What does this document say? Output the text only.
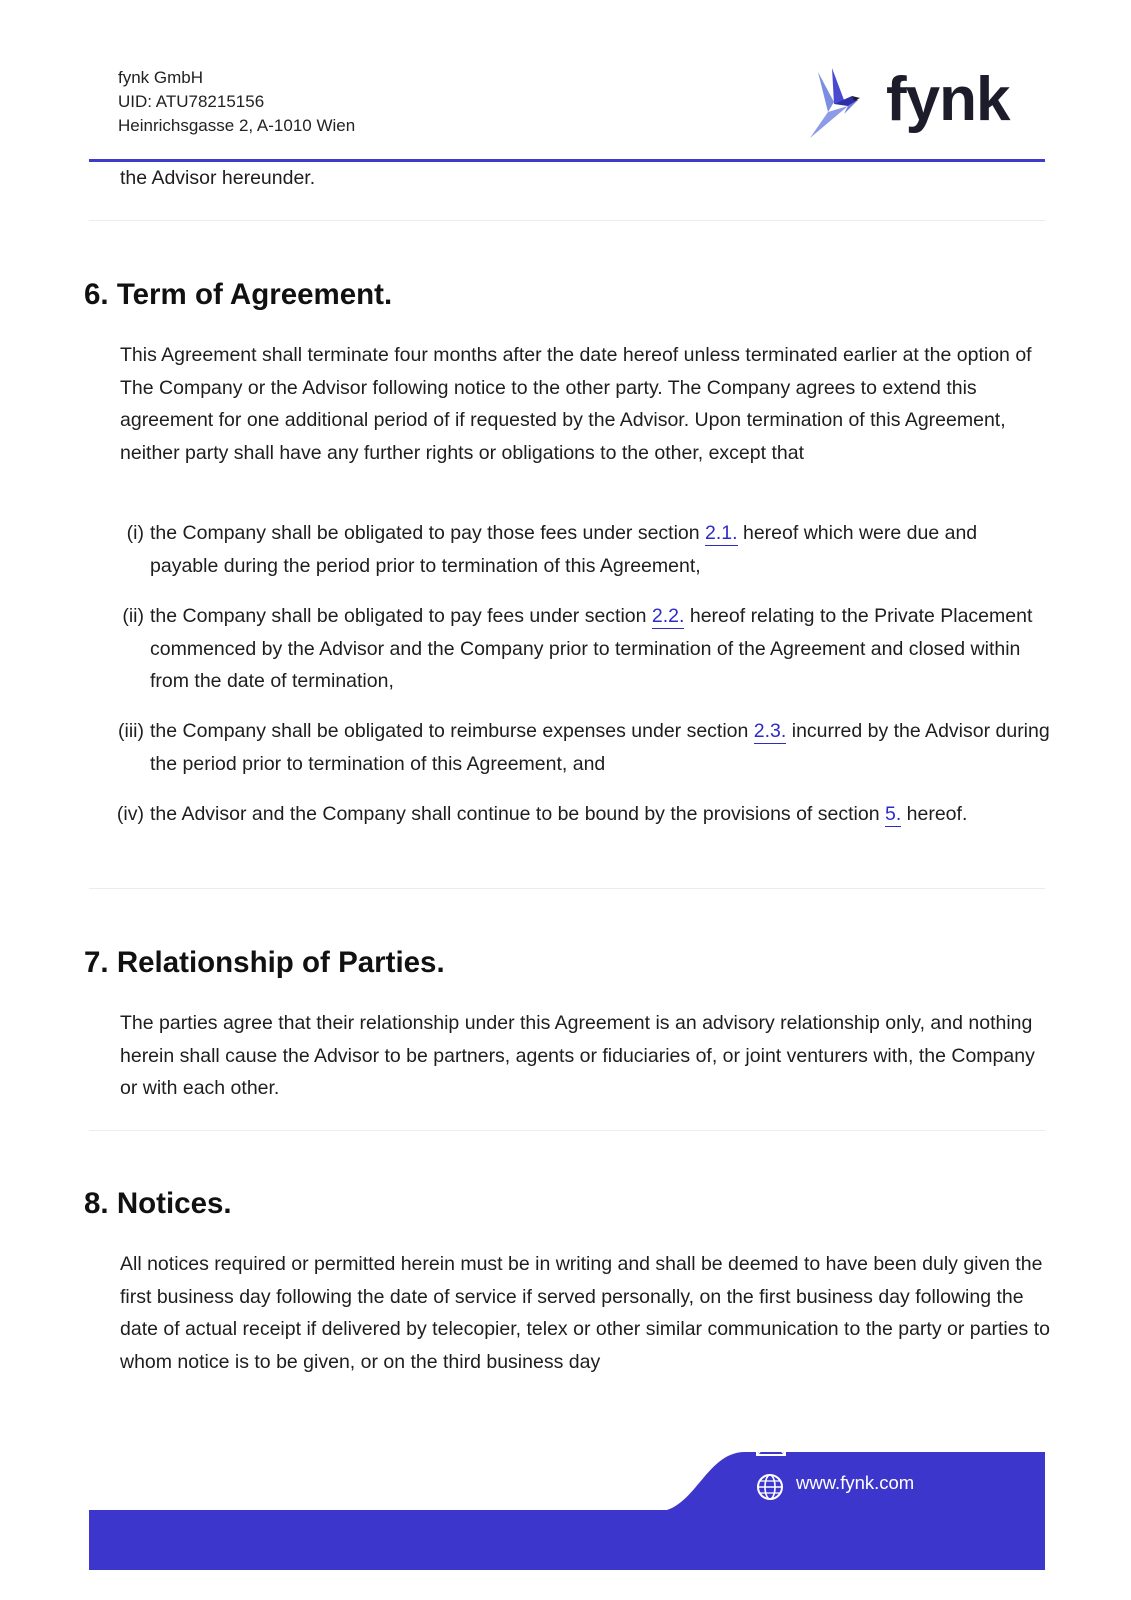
fynk GmbH
UID: ATU78215156
Heinrichsgasse 2, A-1010 Wien	fynk
the Advisor hereunder.
6. Term of Agreement.
This Agreement shall terminate four months after the date hereof unless terminated earlier at the option of The Company or the Advisor following notice to the other party. The Company agrees to extend this agreement for one additional period of if requested by the Advisor. Upon termination of this Agreement, neither party shall have any further rights or obligations to the other, except that
(i) the Company shall be obligated to pay those fees under section 2.1. hereof which were due and payable during the period prior to termination of this Agreement,
(ii) the Company shall be obligated to pay fees under section 2.2. hereof relating to the Private Placement commenced by the Advisor and the Company prior to termination of the Agreement and closed within from the date of termination,
(iii) the Company shall be obligated to reimburse expenses under section 2.3. incurred by the Advisor during the period prior to termination of this Agreement, and
(iv) the Advisor and the Company shall continue to be bound by the provisions of section 5. hereof.
7. Relationship of Parties.
The parties agree that their relationship under this Agreement is an advisory relationship only, and nothing herein shall cause the Advisor to be partners, agents or fiduciaries of, or joint venturers with, the Company or with each other.
8. Notices.
All notices required or permitted herein must be in writing and shall be deemed to have been duly given the first business day following the date of service if served personally, on the first business day following the date of actual receipt if delivered by telecopier, telex or other similar communication to the party or parties to whom notice is to be given, or on the third business day
office@fynk.com
www.fynk.com
